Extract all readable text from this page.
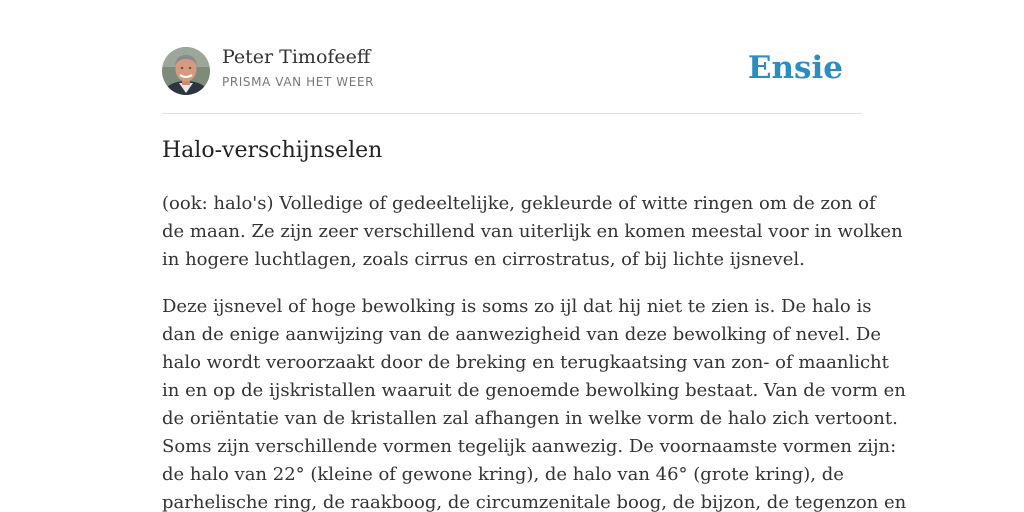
Peter Timofeeff
PRISMA VAN HET WEER	Ensie
Halo-verschijnselen

(ook: halo's) Volledige of gedeeltelijke, gekleurde of witte ringen om de zon of
de maan. Ze zijn zeer verschillend van uiterlijk en komen meestal voor in wolken
in hogere luchtlagen, zoals cirrus en cirrostratus, of bij lichte ijsnevel.

Deze ijsnevel of hoge bewolking is soms zo ijl dat hij niet te zien is. De halo is
dan de enige aanwijzing van de aanwezigheid van deze bewolking of nevel. De
halo wordt veroorzaakt door de breking en terugkaatsing van zon- of maanlicht
in en op de ijskristallen waaruit de genoemde bewolking bestaat. Van de vorm en
de oriëntatie van de kristallen zal afhangen in welke vorm de halo zich vertoont.
Soms zijn verschillende vormen tegelijk aanwezig. De voornaamste vormen zijn:
de halo van 22° (kleine of gewone kring), de halo van 46° (grote kring), de
parhelische ring, de raakboog, de circumzenitale boog, de bijzon, de tegenzon en
